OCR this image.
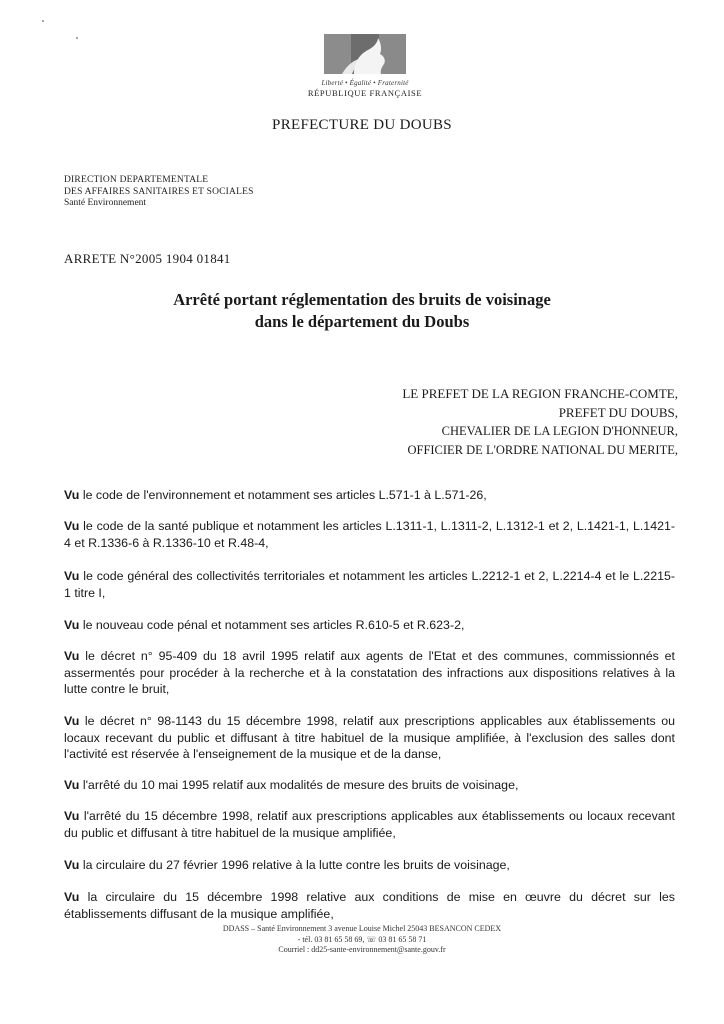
Liberté • Égalité • Fraternité
RÉPUBLIQUE FRANÇAISE
PREFECTURE DU DOUBS
DIRECTION DEPARTEMENTALE
DES AFFAIRES SANITAIRES ET SOCIALES
Santé Environnement
ARRETE N°2005 1904 01841
Arrêté portant réglementation des bruits de voisinage
dans le département du Doubs
LE PREFET DE LA REGION FRANCHE-COMTE,
PREFET DU DOUBS,
CHEVALIER DE LA LEGION D'HONNEUR,
OFFICIER DE L'ORDRE NATIONAL DU MERITE,
Vu le code de l'environnement et notamment ses articles L.571-1 à L.571-26,
Vu le code de la santé publique et notamment les articles L.1311-1, L.1311-2, L.1312-1 et 2, L.1421-1, L.1421-4 et R.1336-6 à R.1336-10 et R.48-4,
Vu le code général des collectivités territoriales et notamment les articles L.2212-1 et 2, L.2214-4 et le L.2215-1 titre I,
Vu le nouveau code pénal et notamment ses articles R.610-5 et R.623-2,
Vu le décret n° 95-409 du 18 avril 1995 relatif aux agents de l'Etat et des communes, commissionnés et assermentés pour procéder à la recherche et à la constatation des infractions aux dispositions relatives à la lutte contre le bruit,
Vu le décret n° 98-1143 du 15 décembre 1998, relatif aux prescriptions applicables aux établissements ou locaux recevant du public et diffusant à titre habituel de la musique amplifiée, à l'exclusion des salles dont l'activité est réservée à l'enseignement de la musique et de la danse,
Vu l'arrêté du 10 mai 1995 relatif aux modalités de mesure des bruits de voisinage,
Vu l'arrêté du 15 décembre 1998, relatif aux prescriptions applicables aux établissements ou locaux recevant du public et diffusant à titre habituel de la musique amplifiée,
Vu la circulaire du 27 février 1996 relative à la lutte contre les bruits de voisinage,
Vu la circulaire du 15 décembre 1998 relative aux conditions de mise en œuvre du décret sur les établissements diffusant de la musique amplifiée,
DDASS – Santé Environnement 3 avenue Louise Michel 25043 BESANCON CEDEX
- tél. 03 81 65 58 69, ☏ 03 81 65 58 71
Courriel : dd25-sante-environnement@sante.gouv.fr
